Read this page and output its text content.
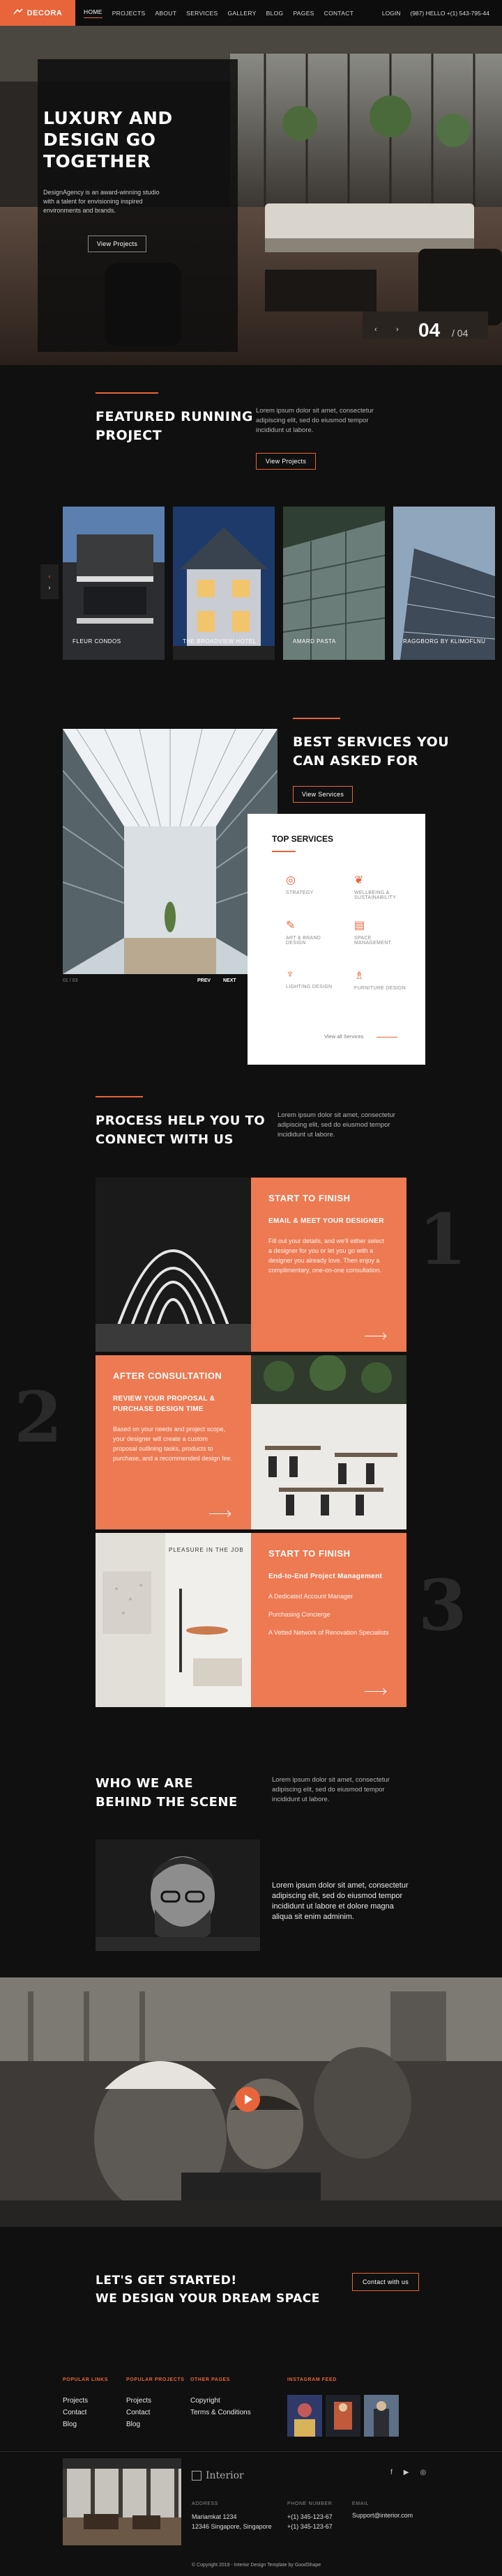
DECORA	HOME PROJECTS ABOUT SERVICES GALLERY BLOG PAGES CONTACT	LOGIN (987) HELLO +(1) 543-795-44
LUXURY AND
DESIGN GO
TOGETHER
DesignAgency is an award-winning studio with a talent for envisioning inspired environments and brands.
View Projects
‹ › 04 / 04
FEATURED RUNNING
PROJECT
Lorem ipsum dolor sit amet, consectetur adipiscing elit, sed do eiusmod tempor incididunt ut labore.
View Projects
FLEUR CONDOS	THE BROADVIEW HOTEL	AMARD PASTA	RAGGBORG BY KLIMOFLNU
‹
›
01 / 03	PREV	NEXT
BEST SERVICES YOU
CAN ASKED FOR
View Services
TOP SERVICES
◎
STRATEGY
❦
WELLBEING & SUSTAINABILITY
✎
ART & BRAND DESIGN
▤
SPACE MANAGEMENT
♆
LIGHTING DESIGN
♗
FURNITURE DESIGN
View all Services
PROCESS HELP YOU TO
CONNECT WITH US
Lorem ipsum dolor sit amet, consectetur adipiscing elit, sed do eiusmod tempor incididunt ut labore.
1
2
3
START TO FINISH
EMAIL & MEET YOUR DESIGNER

Fill out your details, and we'll either select a designer for you or let you go with a designer you already love. Then enjoy a complimentary, one-on-one consultation.

AFTER CONSULTATION
REVIEW YOUR PROPOSAL & PURCHASE DESIGN TIME

Based on your needs and project scope, your designer will create a custom proposal outlining tasks, products to purchase, and a recommended design fee.

PLEASURE IN THE JOB	START TO FINISH
End-to-End Project Management

A Dedicated Account Manager

Purchasing Concierge

A Vetted Network of Renovation Specialists

WHO WE ARE
BEHIND THE SCENE
Lorem ipsum dolor sit amet, consectetur adipiscing elit, sed do eiusmod tempor incididunt ut labore.
Lorem ipsum dolor sit amet, consectetur adipiscing elit, sed do eiusmod tempor incididunt ut labore et dolore magna aliqua sit enim adminim.
LET'S GET STARTED!
WE DESIGN YOUR DREAM SPACE
Contact with us
POPULAR LINKS
Projects
Contact
Blog
POPULAR PROJECTS
Projects
Contact
Blog
OTHER PAGES
Copyright
Terms & Conditions
INSTAGRAM FEED
Interior	f ▶ ◎
ADDRESS
Mariamkat 1234
12346 Singapore, Singapore
PHONE NUMBER
+(1) 345-123-67
+(1) 345-123-67
EMAIL
Support@interior.com
© Copyright 2019 - Interior Design Template by GoodShape
